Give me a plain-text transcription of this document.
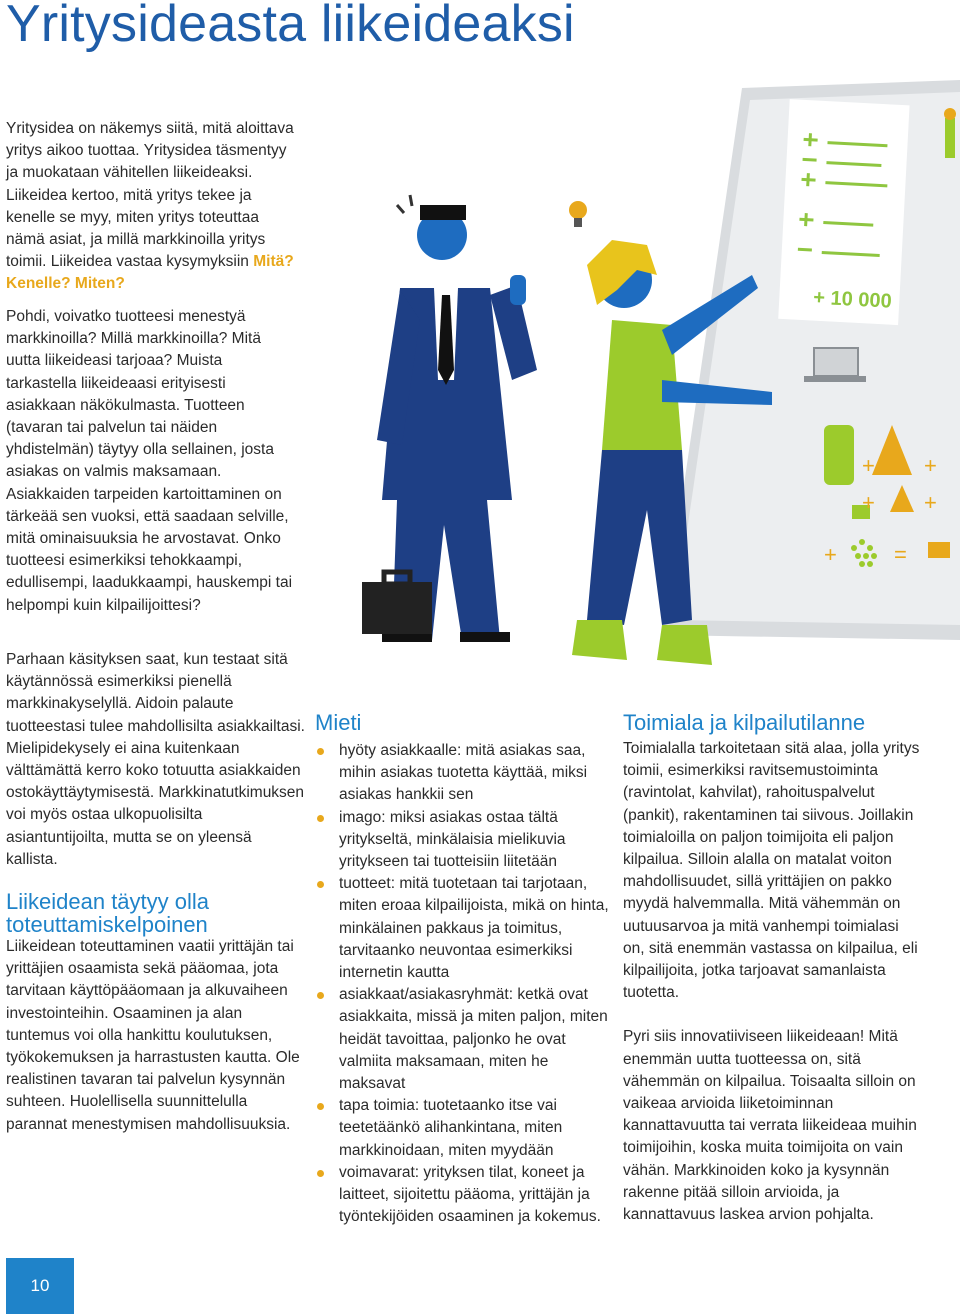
Yritysideasta liikeideaksi

Yritysidea on näkemys siitä, mitä aloittava yritys aikoo tuottaa. Yritysidea täsmentyy ja muokataan vähitellen liikeideaksi. Liikeidea kertoo, mitä yritys tekee ja kenelle se myy, miten yritys toteuttaa nämä asiat, ja millä markkinoilla yritys toimii. Liikeidea vastaa kysymyksiin Mitä? Kenelle? Miten?

Pohdi, voivatko tuotteesi menestyä markkinoilla? Millä markkinoilla? Mitä uutta liikeideasi tarjoaa? Muista tarkastella liikeideaasi erityisesti asiakkaan näkökulmasta. Tuotteen (tavaran tai palvelun tai näiden yhdistelmän) täytyy olla sellainen, josta asiakas on valmis maksamaan. Asiakkaiden tarpeiden kartoittaminen on tärkeää sen vuoksi, että saadaan selville, mitä ominaisuuksia he arvostavat. Onko tuotteesi esimerkiksi tehokkaampi, edullisempi, laadukkaampi, hauskempi tai helpompi kuin kilpailijoittesi?

Parhaan käsityksen saat, kun testaat sitä käytännössä esimerkiksi pienellä markkinakyselyllä. Aidoin palaute tuotteestasi tulee mahdollisilta asiakkailtasi. Mielipidekysely ei aina kuitenkaan välttämättä kerro koko totuutta asiakkaiden ostokäyttäytymisestä. Markkinatutkimuksen voi myös ostaa ulkopuolisilta asiantuntijoilta, mutta se on yleensä kallista.

Liikeidean täytyy olla toteuttamiskelpoinen

Liikeidean toteuttaminen vaatii yrittäjän tai yrittäjien osaamista sekä pääomaa, jota tarvitaan käyttöpääomaan ja alkuvaiheen investointeihin. Osaaminen ja alan tuntemus voi olla hankittu koulutuksen, työkokemuksen ja harrastusten kautta. Ole realistinen tavaran tai palvelun kysynnän suhteen. Huolellisella suunnittelulla parannat menestymisen mahdollisuuksia.

Mieti
hyöty asiakkaalle: mitä asiakas saa, mihin asiakas tuotetta käyttää, miksi asiakas hankkii sen
imago: miksi asiakas ostaa tältä yritykseltä, minkälaisia mielikuvia yritykseen tai tuotteisiin liitetään
tuotteet: mitä tuotetaan tai tarjotaan, miten eroaa kilpailijoista, mikä on hinta, minkälainen pakkaus ja toimitus, tarvitaanko neuvontaa esimerkiksi internetin kautta
asiakkaat/asiakasryhmät: ketkä ovat asiakkaita, missä ja miten paljon, miten heidät tavoittaa, paljonko he ovat valmiita maksamaan, miten he maksavat
tapa toimia: tuotetaanko itse vai teetetäänkö alihankintana, miten markkinoidaan, miten myydään
voimavarat: yrityksen tilat, koneet ja laitteet, sijoitettu pääoma, yrittäjän ja työntekijöiden osaaminen ja kokemus.
Toimiala ja kilpailutilanne

Toimialalla tarkoitetaan sitä alaa, jolla yritys toimii, esimerkiksi ravitsemustoiminta (ravintolat, kahvilat), rahoituspalvelut (pankit), rakentaminen tai siivous. Joillakin toimialoilla on paljon toimijoita eli paljon kilpailua. Silloin alalla on matalat voiton mahdollisuudet, sillä yrittäjien on pakko myydä halvemmalla. Mitä vähemmän on uutuusarvoa ja mitä vanhempi toimialasi on, sitä enemmän vastassa on kilpailua, eli kilpailijoita, jotka tarjoavat samanlaista tuotetta.

Pyri siis innovatiiviseen liikeideaan! Mitä enemmän uutta tuotteessa on, sitä vähemmän on kilpailua. Toisaalta silloin on vaikeaa arvioida liiketoiminnan kannattavuutta tai verrata liikeideaa muihin toimijoihin, koska muita toimijoita on vain vähän. Markkinoiden koko ja kysynnän rakenne pitää silloin arvioida, ja kannattavuus laskea arvion pohjalta.

+ 10 000
+ +
+ +
+	=
10
